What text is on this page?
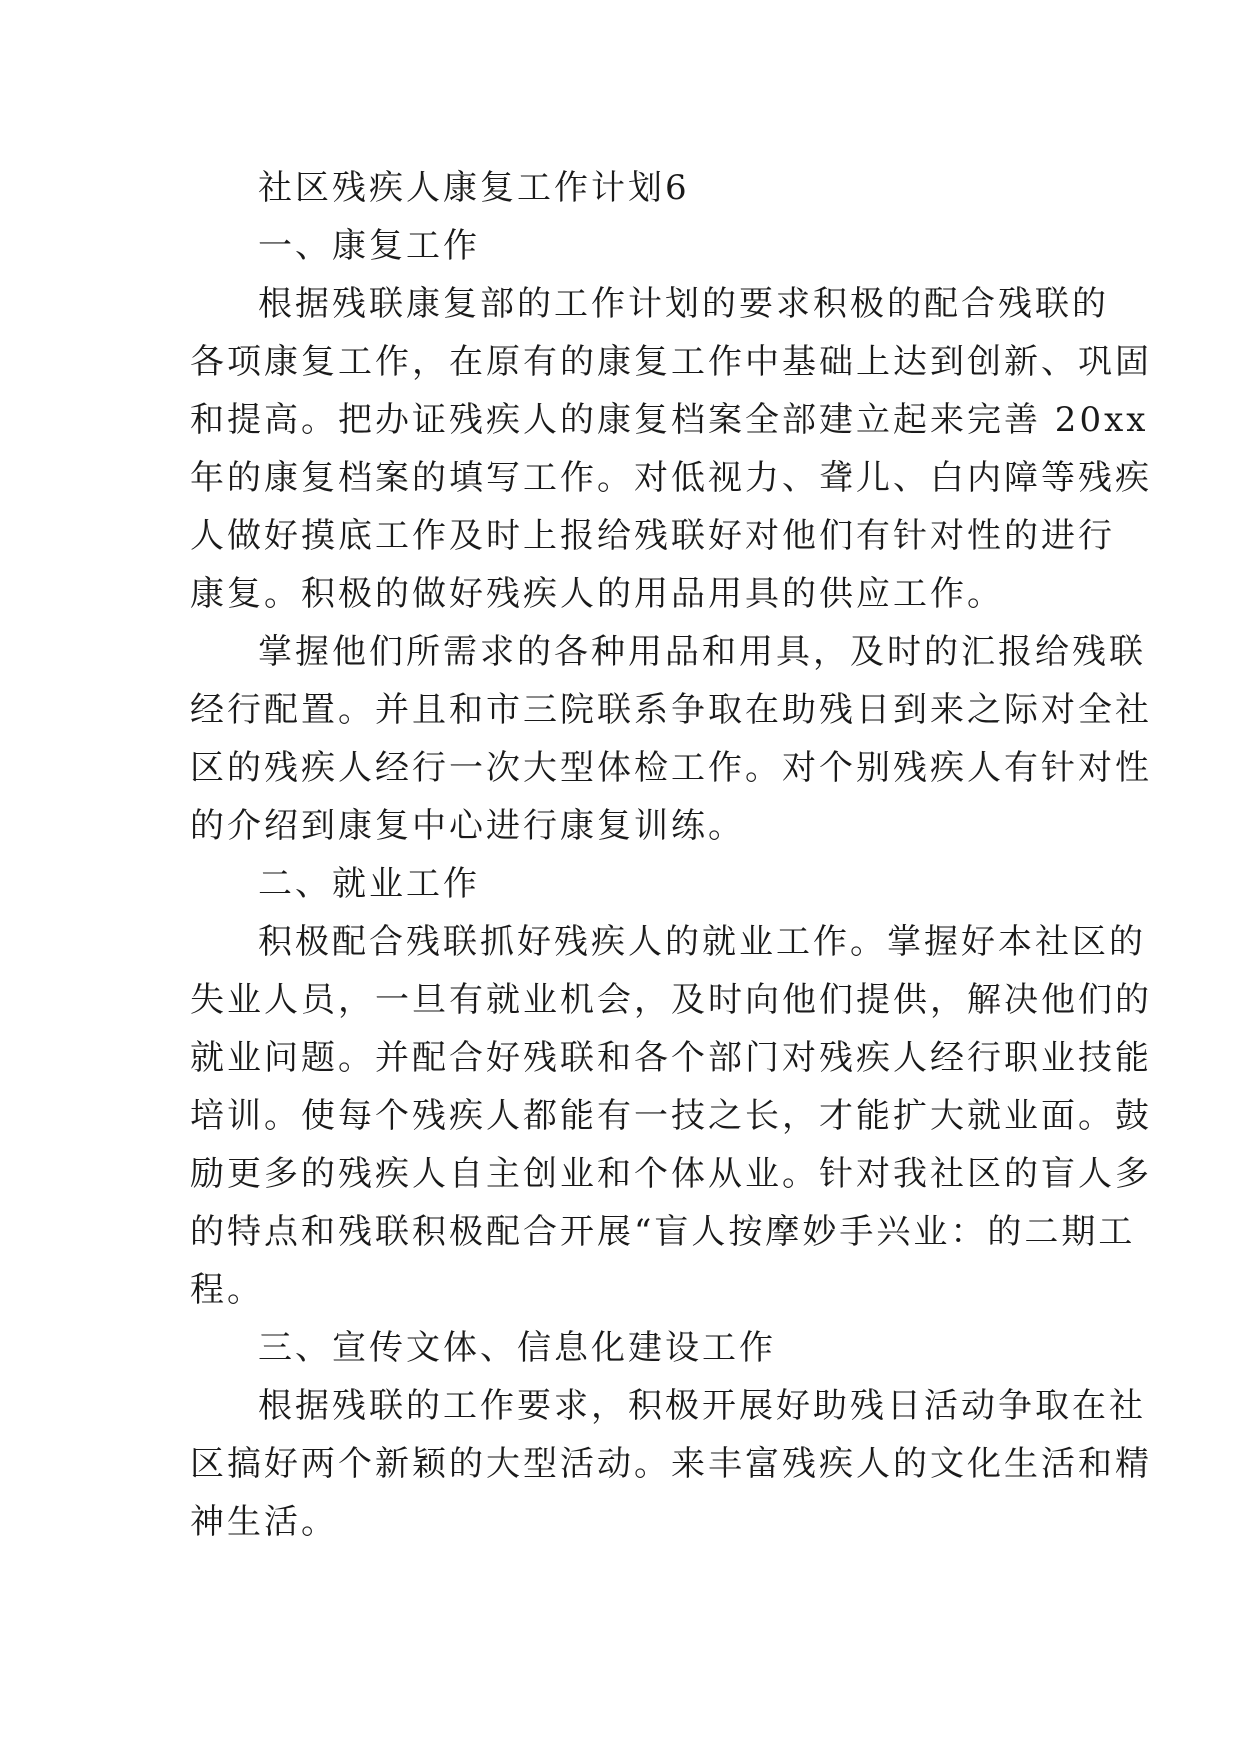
社区残疾人康复工作计划6
一、康复工作
根据残联康复部的工作计划的要求积极的配合残联的
各项康复工作，在原有的康复工作中基础上达到创新、巩固
和提高。把办证残疾人的康复档案全部建立起来完善 20xx
年的康复档案的填写工作。对低视力、聋儿、白内障等残疾
人做好摸底工作及时上报给残联好对他们有针对性的进行
康复。积极的做好残疾人的用品用具的供应工作。
掌握他们所需求的各种用品和用具，及时的汇报给残联
经行配置。并且和市三院联系争取在助残日到来之际对全社
区的残疾人经行一次大型体检工作。对个别残疾人有针对性
的介绍到康复中心进行康复训练。
二、就业工作
积极配合残联抓好残疾人的就业工作。掌握好本社区的
失业人员，一旦有就业机会，及时向他们提供，解决他们的
就业问题。并配合好残联和各个部门对残疾人经行职业技能
培训。使每个残疾人都能有一技之长，才能扩大就业面。鼓
励更多的残疾人自主创业和个体从业。针对我社区的盲人多
的特点和残联积极配合开展“盲人按摩妙手兴业：的二期工
程。
三、宣传文体、信息化建设工作
根据残联的工作要求，积极开展好助残日活动争取在社
区搞好两个新颖的大型活动。来丰富残疾人的文化生活和精
神生活。
